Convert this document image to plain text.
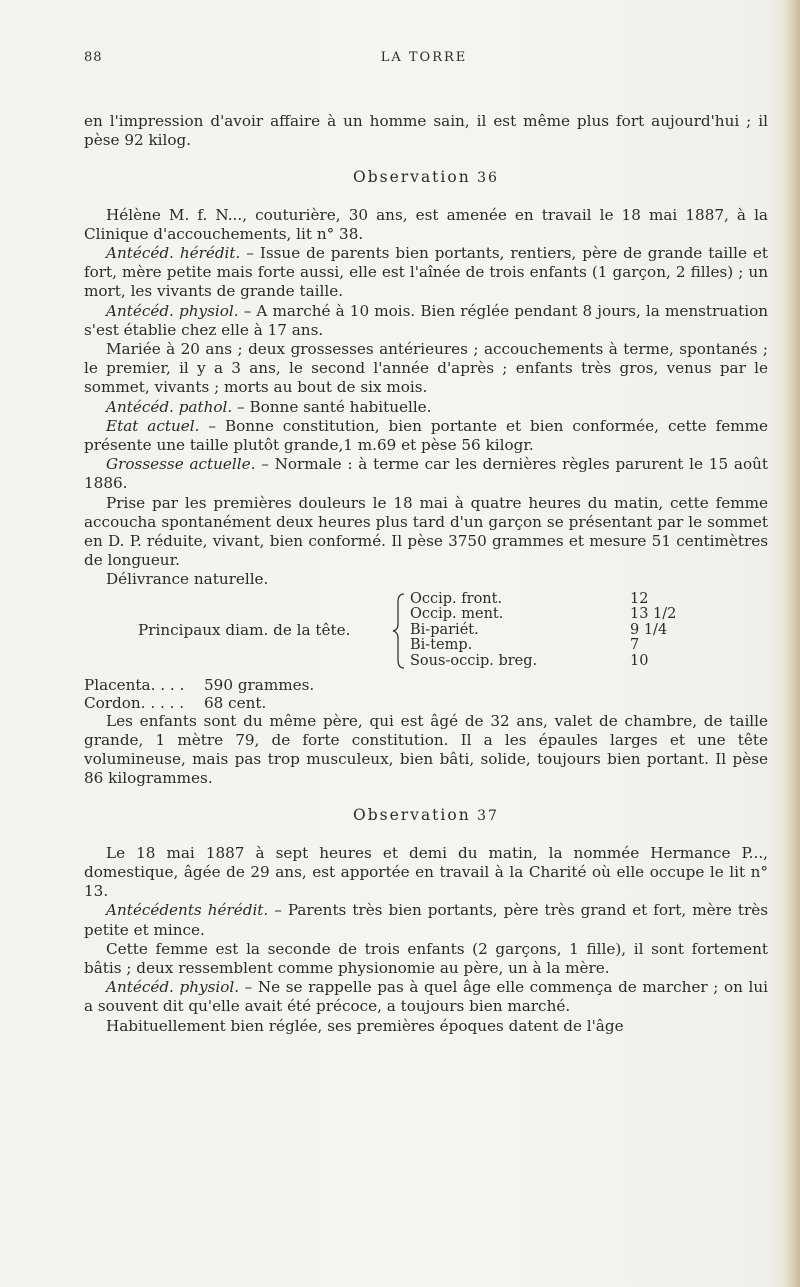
88	LA TORRE

en l'impression d'avoir affaire à un homme sain, il est même plus fort aujourd'hui ; il pèse 92 kilog.

Observation 36

Hélène M. f. N..., couturière, 30 ans, est amenée en travail le 18 mai 1887, à la Clinique d'accouchements, lit n° 38.

Antécéd. hérédit. – Issue de parents bien portants, rentiers, père de grande taille et fort, mère petite mais forte aussi, elle est l'aînée de trois enfants (1 garçon, 2 filles) ; un mort, les vivants de grande taille.

Antécéd. physiol. – A marché à 10 mois. Bien réglée pendant 8 jours, la menstruation s'est établie chez elle à 17 ans.

Mariée à 20 ans ; deux grossesses antérieures ; accouchements à terme, spontanés ; le premier, il y a 3 ans, le second l'année d'après ; enfants très gros, venus par le sommet, vivants ; morts au bout de six mois.

Antécéd. pathol. – Bonne santé habituelle.

Etat actuel. – Bonne constitution, bien portante et bien conformée, cette femme présente une taille plutôt grande,1 m.69 et pèse 56 kilogr.

Grossesse actuelle. – Normale : à terme car les dernières règles parurent le 15 août 1886.

Prise par les premières douleurs le 18 mai à quatre heures du matin, cette femme accoucha spontanément deux heures plus tard d'un garçon se présentant par le sommet en D. P. réduite, vivant, bien conformé. Il pèse 3750 grammes et mesure 51 centimètres de longueur.

Délivrance naturelle.

Principaux diam. de la tête.
Occip. front.	12
Occip. ment.	13 1/2
Bi-pariét.	9 1/4
Bi-temp.	7
Sous-occip. breg.	10
Placenta. . . .	590 grammes.
Cordon. . . . .	68 cent.

Les enfants sont du même père, qui est âgé de 32 ans, valet de chambre, de taille grande, 1 mètre 79, de forte constitution. Il a les épaules larges et une tête volumineuse, mais pas trop musculeux, bien bâti, solide, toujours bien portant. Il pèse 86 kilogrammes.

Observation 37

Le 18 mai 1887 à sept heures et demi du matin, la nommée Hermance P..., domestique, âgée de 29 ans, est apportée en travail à la Charité où elle occupe le lit n° 13.

Antécédents hérédit. – Parents très bien portants, père très grand et fort, mère très petite et mince.

Cette femme est la seconde de trois enfants (2 garçons, 1 fille), il sont fortement bâtis ; deux ressemblent comme physionomie au père, un à la mère.

Antécéd. physiol. – Ne se rappelle pas à quel âge elle commença de marcher ; on lui a souvent dit qu'elle avait été précoce, a toujours bien marché.

Habituellement bien réglée, ses premières époques datent de l'âge
